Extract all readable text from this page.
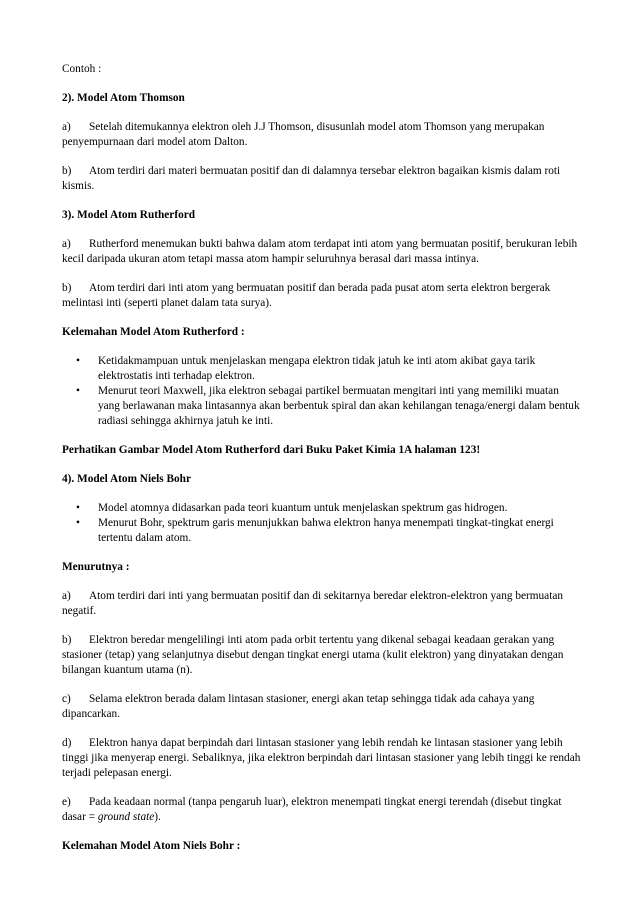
Contoh :

2). Model Atom Thomson

a) Setelah ditemukannya elektron oleh J.J Thomson, disusunlah model atom Thomson yang merupakan penyempurnaan dari model atom Dalton.

b) Atom terdiri dari materi bermuatan positif dan di dalamnya tersebar elektron bagaikan kismis dalam roti kismis.

3). Model Atom Rutherford

a) Rutherford menemukan bukti bahwa dalam atom terdapat inti atom yang bermuatan positif, berukuran lebih kecil daripada ukuran atom tetapi massa atom hampir seluruhnya berasal dari massa intinya.

b) Atom terdiri dari inti atom yang bermuatan positif dan berada pada pusat atom serta elektron bergerak melintasi inti (seperti planet dalam tata surya).

Kelemahan Model Atom Rutherford :

• Ketidakmampuan untuk menjelaskan mengapa elektron tidak jatuh ke inti atom akibat gaya tarik elektrostatis inti terhadap elektron.
• Menurut teori Maxwell, jika elektron sebagai partikel bermuatan mengitari inti yang memiliki muatan yang berlawanan maka lintasannya akan berbentuk spiral dan akan kehilangan tenaga/energi dalam bentuk radiasi sehingga akhirnya jatuh ke inti.

Perhatikan Gambar Model Atom Rutherford dari Buku Paket Kimia 1A halaman 123!

4). Model Atom Niels Bohr

• Model atomnya didasarkan pada teori kuantum untuk menjelaskan spektrum gas hidrogen.
• Menurut Bohr, spektrum garis menunjukkan bahwa elektron hanya menempati tingkat-tingkat energi tertentu dalam atom.

Menurutnya :

a) Atom terdiri dari inti yang bermuatan positif dan di sekitarnya beredar elektron-elektron yang bermuatan negatif.

b) Elektron beredar mengelilingi inti atom pada orbit tertentu yang dikenal sebagai keadaan gerakan yang stasioner (tetap) yang selanjutnya disebut dengan tingkat energi utama (kulit elektron) yang dinyatakan dengan bilangan kuantum utama (n).

c) Selama elektron berada dalam lintasan stasioner, energi akan tetap sehingga tidak ada cahaya yang dipancarkan.

d) Elektron hanya dapat berpindah dari lintasan stasioner yang lebih rendah ke lintasan stasioner yang lebih tinggi jika menyerap energi. Sebaliknya, jika elektron berpindah dari lintasan stasioner yang lebih tinggi ke rendah terjadi pelepasan energi.

e) Pada keadaan normal (tanpa pengaruh luar), elektron menempati tingkat energi terendah (disebut tingkat dasar = ground state).

Kelemahan Model Atom Niels Bohr :
